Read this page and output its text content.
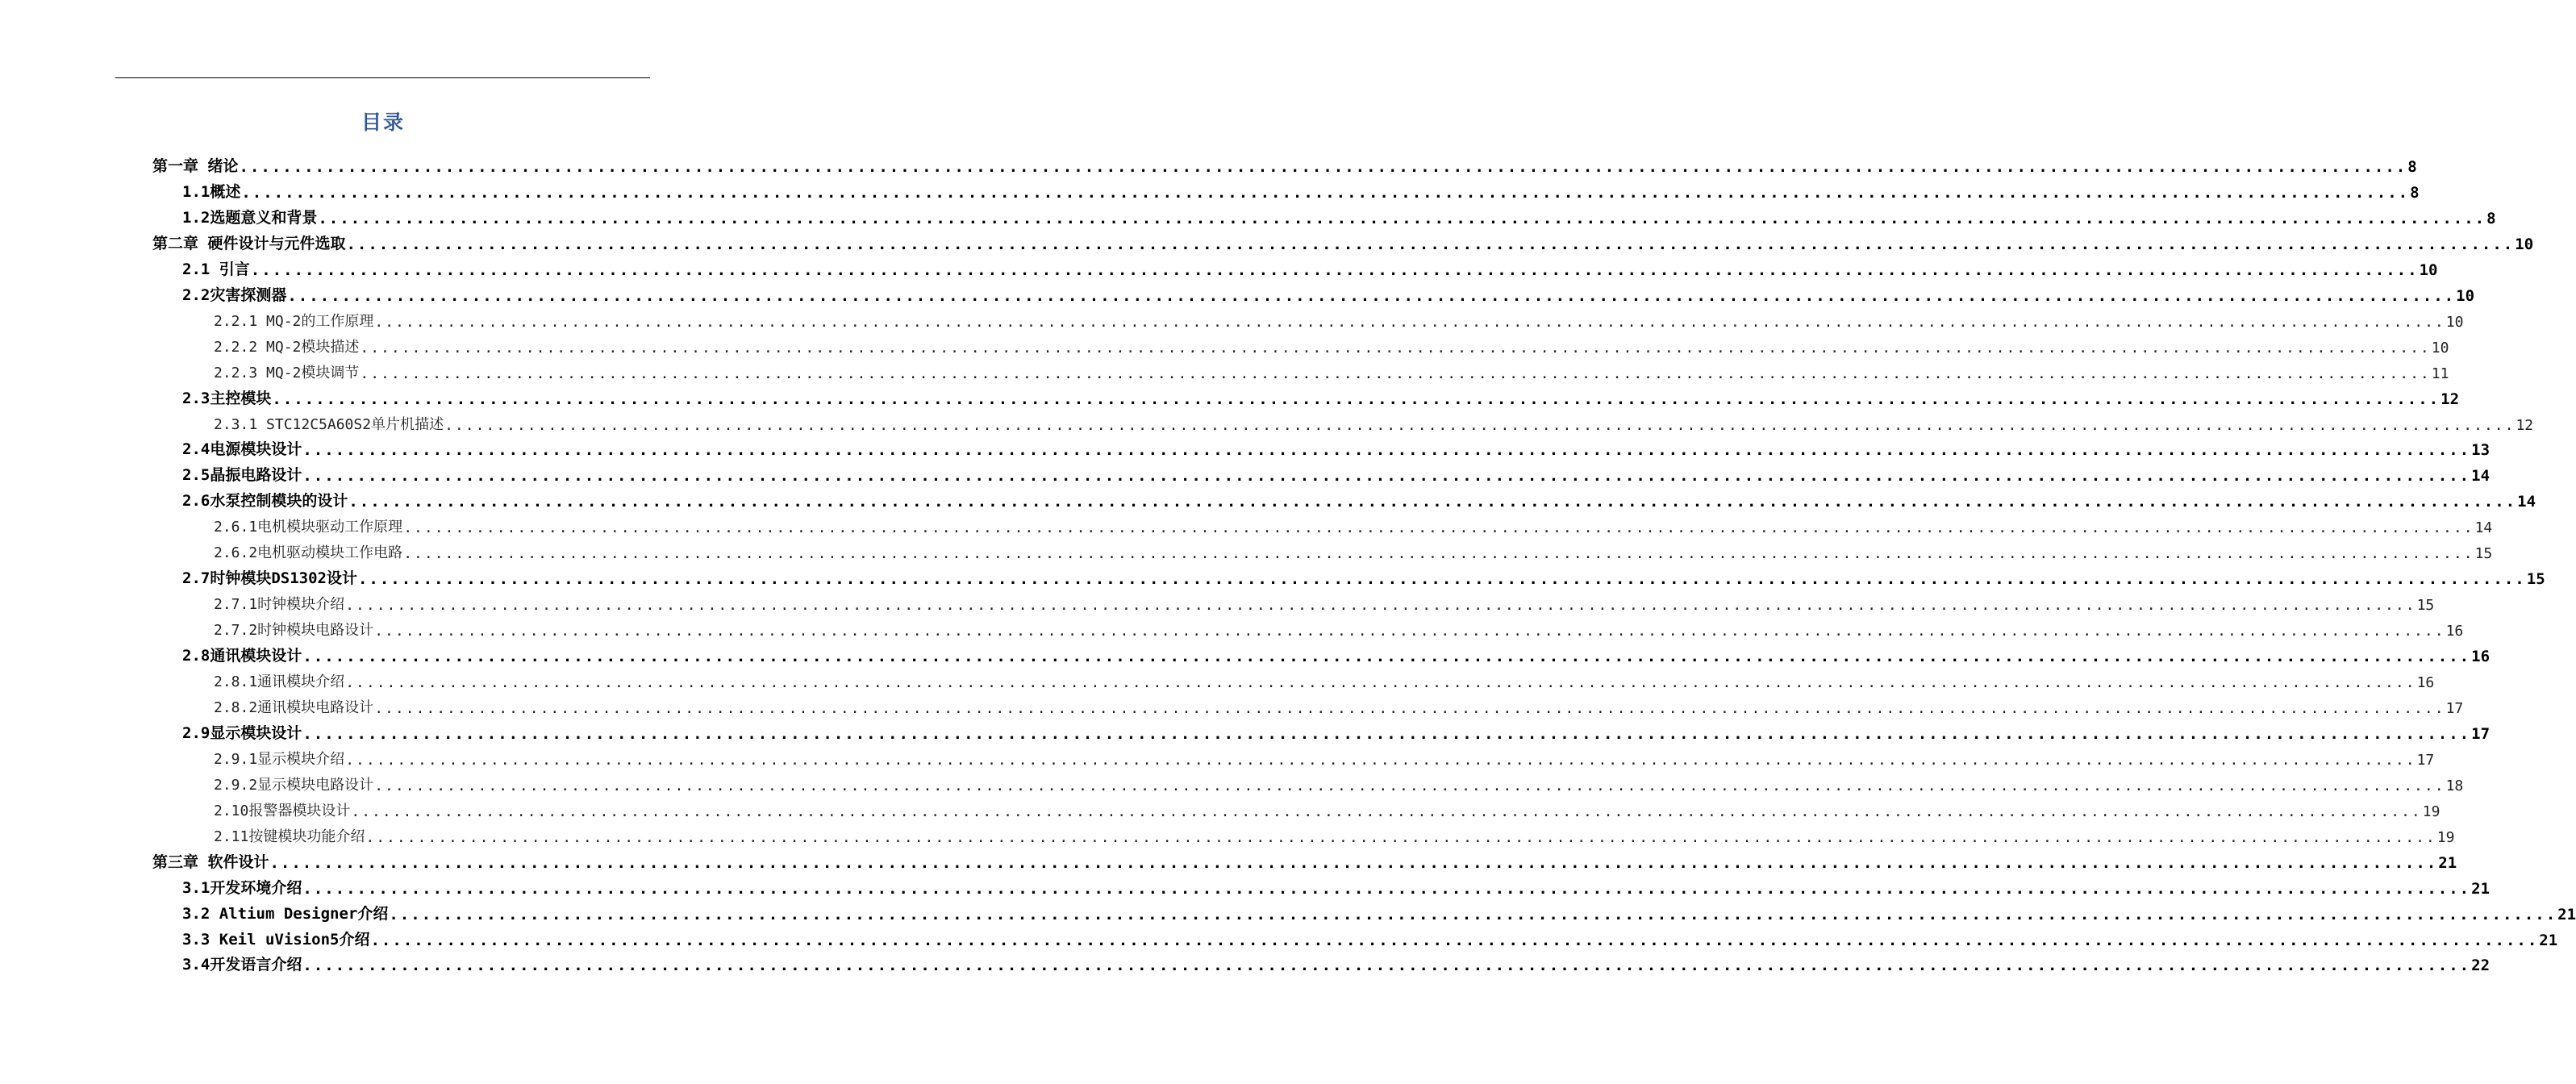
目录
第一章 绪论 ........................................................................................................................................................................................................ 8
1.1概述 ........................................................................................................................................................................................................ 8
1.2选题意义和背景 ........................................................................................................................................................................................................ 8
第二章 硬件设计与元件选取 ........................................................................................................................................................................................................ 10
2.1 引言 ........................................................................................................................................................................................................ 10
2.2灾害探测器 ........................................................................................................................................................................................................ 10
2.2.1 MQ-2的工作原理 ........................................................................................................................................................................................................ 10
2.2.2 MQ-2模块描述 ........................................................................................................................................................................................................ 10
2.2.3 MQ-2模块调节 ........................................................................................................................................................................................................ 11
2.3主控模块 ........................................................................................................................................................................................................ 12
2.3.1 STC12C5A60S2单片机描述 ........................................................................................................................................................................................................ 12
2.4电源模块设计 ........................................................................................................................................................................................................ 13
2.5晶振电路设计 ........................................................................................................................................................................................................ 14
2.6水泵控制模块的设计 ........................................................................................................................................................................................................ 14
2.6.1电机模块驱动工作原理 ........................................................................................................................................................................................................ 14
2.6.2电机驱动模块工作电路 ........................................................................................................................................................................................................ 15
2.7时钟模块DS1302设计 ........................................................................................................................................................................................................ 15
2.7.1时钟模块介绍 ........................................................................................................................................................................................................ 15
2.7.2时钟模块电路设计 ........................................................................................................................................................................................................ 16
2.8通讯模块设计 ........................................................................................................................................................................................................ 16
2.8.1通讯模块介绍 ........................................................................................................................................................................................................ 16
2.8.2通讯模块电路设计 ........................................................................................................................................................................................................ 17
2.9显示模块设计 ........................................................................................................................................................................................................ 17
2.9.1显示模块介绍 ........................................................................................................................................................................................................ 17
2.9.2显示模块电路设计 ........................................................................................................................................................................................................ 18
2.10报警器模块设计 ........................................................................................................................................................................................................ 19
2.11按键模块功能介绍 ........................................................................................................................................................................................................ 19
第三章 软件设计 ........................................................................................................................................................................................................ 21
3.1开发环境介绍 ........................................................................................................................................................................................................ 21
3.2 Altium Designer介绍 ........................................................................................................................................................................................................ 21
3.3 Keil uVision5介绍 ........................................................................................................................................................................................................ 21
3.4开发语言介绍 ........................................................................................................................................................................................................ 22
